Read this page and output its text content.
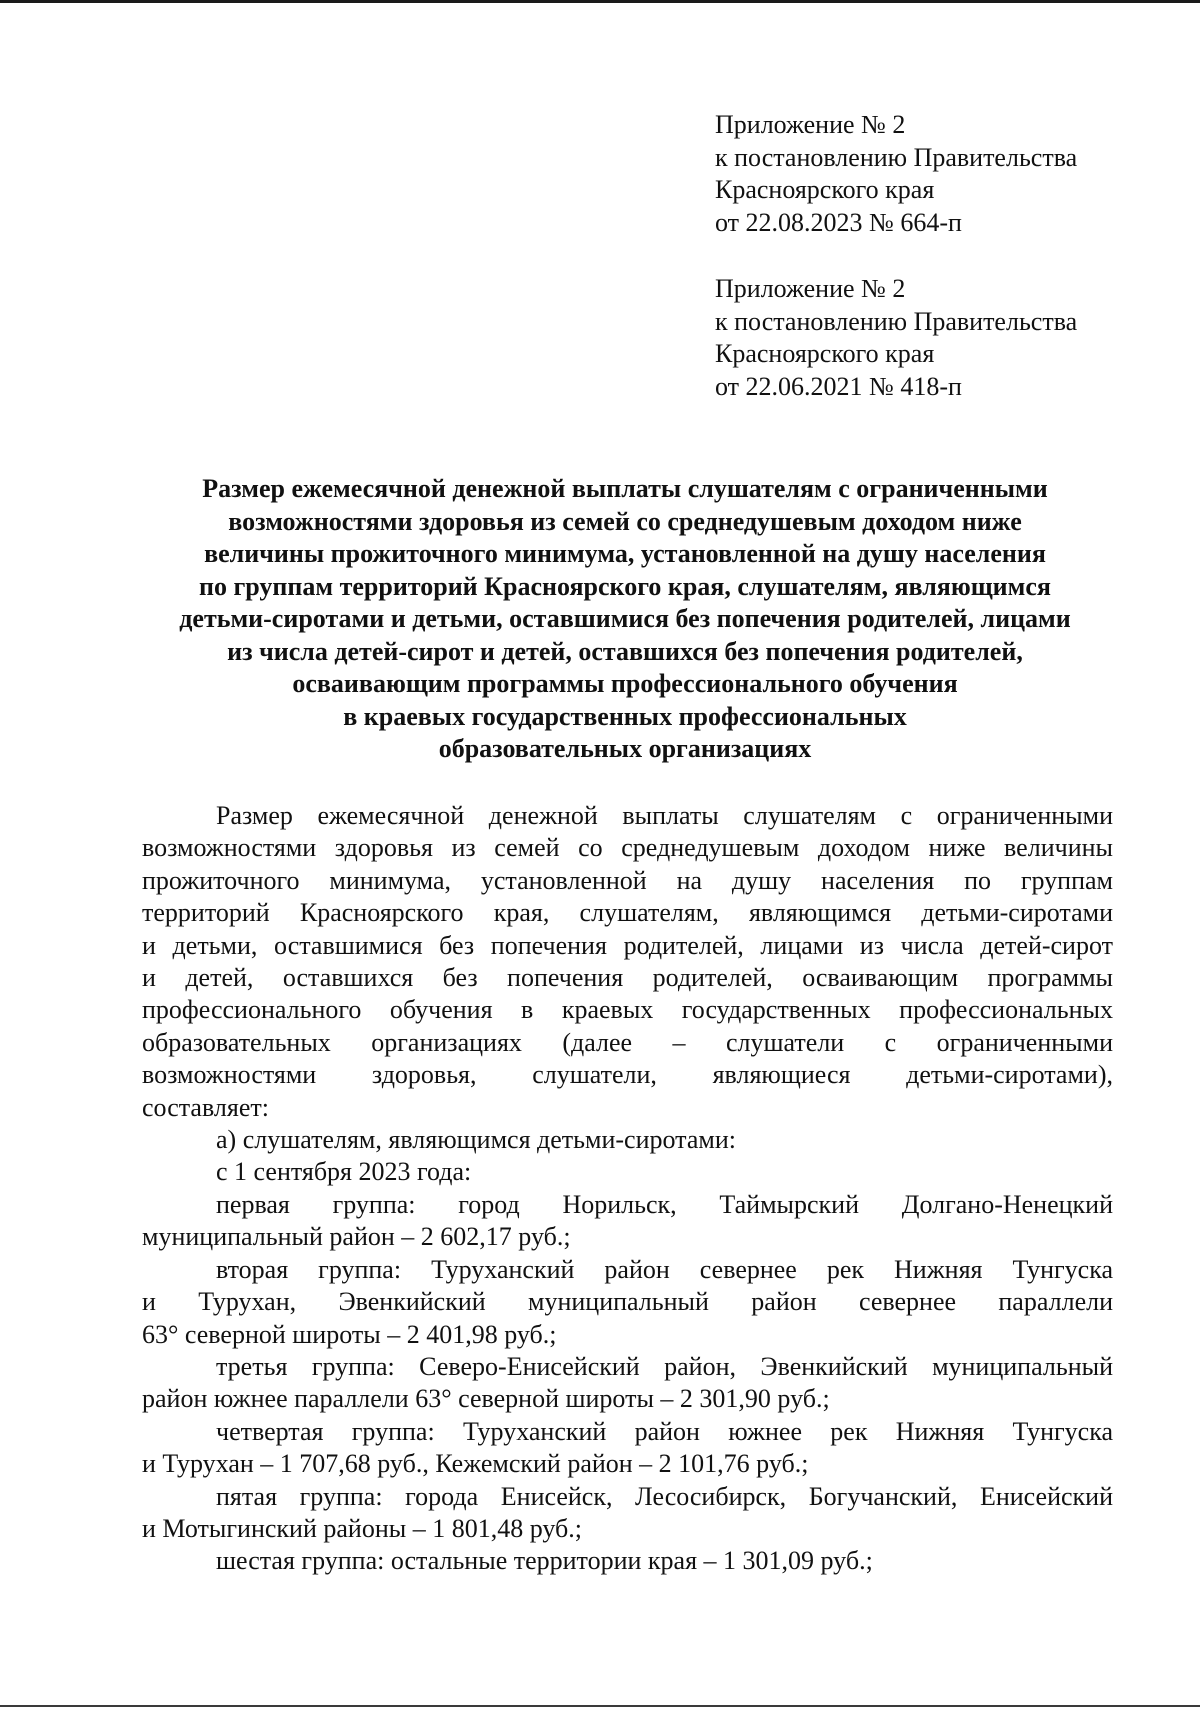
Приложение № 2
к постановлению Правительства
Красноярского края
от 22.08.2023 № 664-п
Приложение № 2
к постановлению Правительства
Красноярского края
от 22.06.2021 № 418-п
Размер ежемесячной денежной выплаты слушателям с ограниченными
возможностями здоровья из семей со среднедушевым доходом ниже
величины прожиточного минимума, установленной на душу населения
по группам территорий Красноярского края, слушателям, являющимся
детьми-сиротами и детьми, оставшимися без попечения родителей, лицами
из числа детей-сирот и детей, оставшихся без попечения родителей,
осваивающим программы профессионального обучения
в краевых государственных профессиональных
образовательных организациях
Размер ежемесячной денежной выплаты слушателям с ограниченными
возможностями здоровья из семей со среднедушевым доходом ниже величины
прожиточного минимума, установленной на душу населения по группам
территорий Красноярского края, слушателям, являющимся детьми-сиротами
и детьми, оставшимися без попечения родителей, лицами из числа детей-сирот
и детей, оставшихся без попечения родителей, осваивающим программы
профессионального обучения в краевых государственных профессиональных
образовательных организациях (далее – слушатели с ограниченными
возможностями здоровья, слушатели, являющиеся детьми-сиротами),
составляет:
а) слушателям, являющимся детьми-сиротами:
с 1 сентября 2023 года:
первая группа: город Норильск, Таймырский Долгано-Ненецкий
муниципальный район – 2 602,17 руб.;
вторая группа: Туруханский район севернее рек Нижняя Тунгуска
и Турухан, Эвенкийский муниципальный район севернее параллели
63° северной широты – 2 401,98 руб.;
третья группа: Северо-Енисейский район, Эвенкийский муниципальный
район южнее параллели 63° северной широты – 2 301,90 руб.;
четвертая группа: Туруханский район южнее рек Нижняя Тунгуска
и Турухан – 1 707,68 руб., Кежемский район – 2 101,76 руб.;
пятая группа: города Енисейск, Лесосибирск, Богучанский, Енисейский
и Мотыгинский районы – 1 801,48 руб.;
шестая группа: остальные территории края – 1 301,09 руб.;
